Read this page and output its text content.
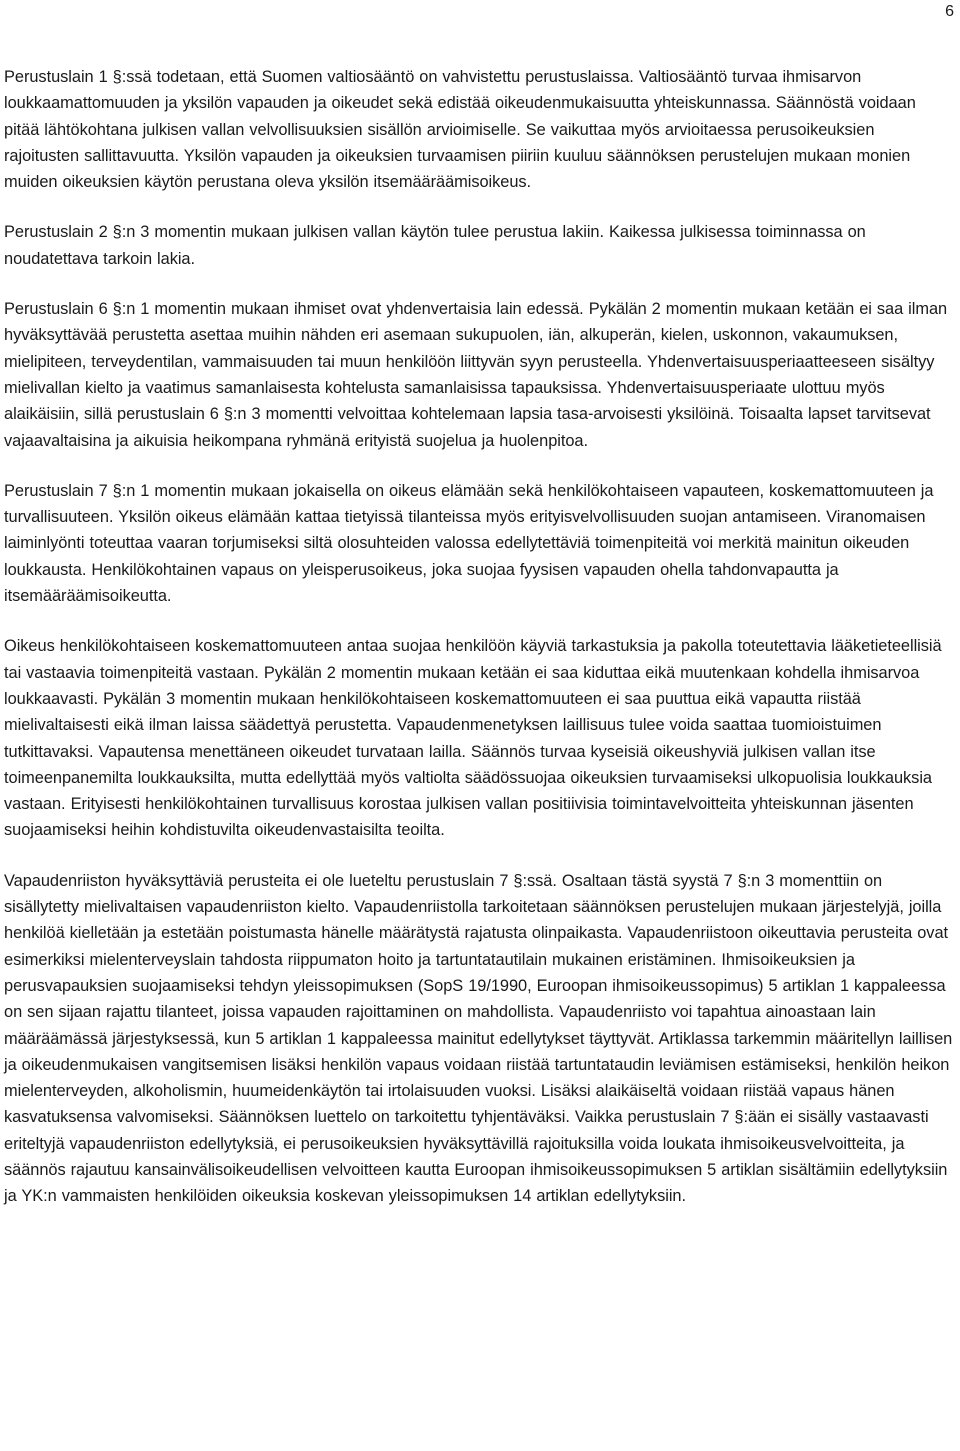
6

Perustuslain 1 §:ssä todetaan, että Suomen valtiosääntö on vahvistettu perustuslaissa. Valtiosääntö turvaa ihmisarvon loukkaamattomuuden ja yksilön vapauden ja oikeudet sekä edistää oikeudenmukaisuutta yhteiskunnassa. Säännöstä voidaan pitää lähtökohtana julkisen vallan velvollisuuksien sisällön arvioimiselle. Se vaikuttaa myös arvioitaessa perusoikeuksien rajoitusten sallittavuutta. Yksilön vapauden ja oikeuksien turvaamisen piiriin kuuluu säännöksen perustelujen mukaan monien muiden oikeuksien käytön perustana oleva yksilön itsemääräämisoikeus.

Perustuslain 2 §:n 3 momentin mukaan julkisen vallan käytön tulee perustua lakiin. Kaikessa julkisessa toiminnassa on noudatettava tarkoin lakia.

Perustuslain 6 §:n 1 momentin mukaan ihmiset ovat yhdenvertaisia lain edessä. Pykälän 2 momentin mukaan ketään ei saa ilman hyväksyttävää perustetta asettaa muihin nähden eri asemaan sukupuolen, iän, alkuperän, kielen, uskonnon, vakaumuksen, mielipiteen, terveydentilan, vammaisuuden tai muun henkilöön liittyvän syyn perusteella. Yhdenvertaisuusperiaatteeseen sisältyy mielivallan kielto ja vaatimus samanlaisesta kohtelusta samanlaisissa tapauksissa. Yhdenvertaisuusperiaate ulottuu myös alaikäisiin, sillä perustuslain 6 §:n 3 momentti velvoittaa kohtelemaan lapsia tasa-arvoisesti yksilöinä. Toisaalta lapset tarvitsevat vajaavaltaisina ja aikuisia heikompana ryhmänä erityistä suojelua ja huolenpitoa.

Perustuslain 7 §:n 1 momentin mukaan jokaisella on oikeus elämään sekä henkilökohtaiseen vapauteen, koskemattomuuteen ja turvallisuuteen. Yksilön oikeus elämään kattaa tietyissä tilanteissa myös erityisvelvollisuuden suojan antamiseen. Viranomaisen laiminlyönti toteuttaa vaaran torjumiseksi siltä olosuhteiden valossa edellytettäviä toimenpiteitä voi merkitä mainitun oikeuden loukkausta. Henkilökohtainen vapaus on yleisperusoikeus, joka suojaa fyysisen vapauden ohella tahdonvapautta ja itsemääräämisoikeutta.

Oikeus henkilökohtaiseen koskemattomuuteen antaa suojaa henkilöön käyviä tarkastuksia ja pakolla toteutettavia lääketieteellisiä tai vastaavia toimenpiteitä vastaan. Pykälän 2 momentin mukaan ketään ei saa kiduttaa eikä muutenkaan kohdella ihmisarvoa loukkaavasti. Pykälän 3 momentin mukaan henkilökohtaiseen koskemattomuuteen ei saa puuttua eikä vapautta riistää mielivaltaisesti eikä ilman laissa säädettyä perustetta. Vapaudenmenetyksen laillisuus tulee voida saattaa tuomioistuimen tutkittavaksi. Vapautensa menettäneen oikeudet turvataan lailla. Säännös turvaa kyseisiä oikeushyviä julkisen vallan itse toimeenpanemilta loukkauksilta, mutta edellyttää myös valtiolta säädössuojaa oikeuksien turvaamiseksi ulkopuolisia loukkauksia vastaan. Erityisesti henkilökohtainen turvallisuus korostaa julkisen vallan positiivisia toimintavelvoitteita yhteiskunnan jäsenten suojaamiseksi heihin kohdistuvilta oikeudenvastaisilta teoilta.

Vapaudenriiston hyväksyttäviä perusteita ei ole lueteltu perustuslain 7 §:ssä. Osaltaan tästä syystä 7 §:n 3 momenttiin on sisällytetty mielivaltaisen vapaudenriiston kielto. Vapaudenriistolla tarkoitetaan säännöksen perustelujen mukaan järjestelyjä, joilla henkilöä kielletään ja estetään poistumasta hänelle määrätystä rajatusta olinpaikasta. Vapaudenriistoon oikeuttavia perusteita ovat esimerkiksi mielenterveyslain tahdosta riippumaton hoito ja tartuntatautilain mukainen eristäminen. Ihmisoikeuksien ja perusvapauksien suojaamiseksi tehdyn yleissopimuksen (SopS 19/1990, Euroopan ihmisoikeussopimus) 5 artiklan 1 kappaleessa on sen sijaan rajattu tilanteet, joissa vapauden rajoittaminen on mahdollista. Vapaudenriisto voi tapahtua ainoastaan lain määräämässä järjestyksessä, kun 5 artiklan 1 kappaleessa mainitut edellytykset täyttyvät. Artiklassa tarkemmin määritellyn laillisen ja oikeudenmukaisen vangitsemisen lisäksi henkilön vapaus voidaan riistää tartuntataudin leviämisen estämiseksi, henkilön heikon mielenterveyden, alkoholismin, huumeidenkäytön tai irtolaisuuden vuoksi. Lisäksi alaikäiseltä voidaan riistää vapaus hänen kasvatuksensa valvomiseksi. Säännöksen luettelo on tarkoitettu tyhjentäväksi. Vaikka perustuslain 7 §:ään ei sisälly vastaavasti eriteltyjä vapaudenriiston edellytyksiä, ei perusoikeuksien hyväksyttävillä rajoituksilla voida loukata ihmisoikeusvelvoitteita, ja säännös rajautuu kansainvälisoikeudellisen velvoitteen kautta Euroopan ihmisoikeussopimuksen 5 artiklan sisältämiin edellytyksiin ja YK:n vammaisten henkilöiden oikeuksia koskevan yleissopimuksen 14 artiklan edellytyksiin.
